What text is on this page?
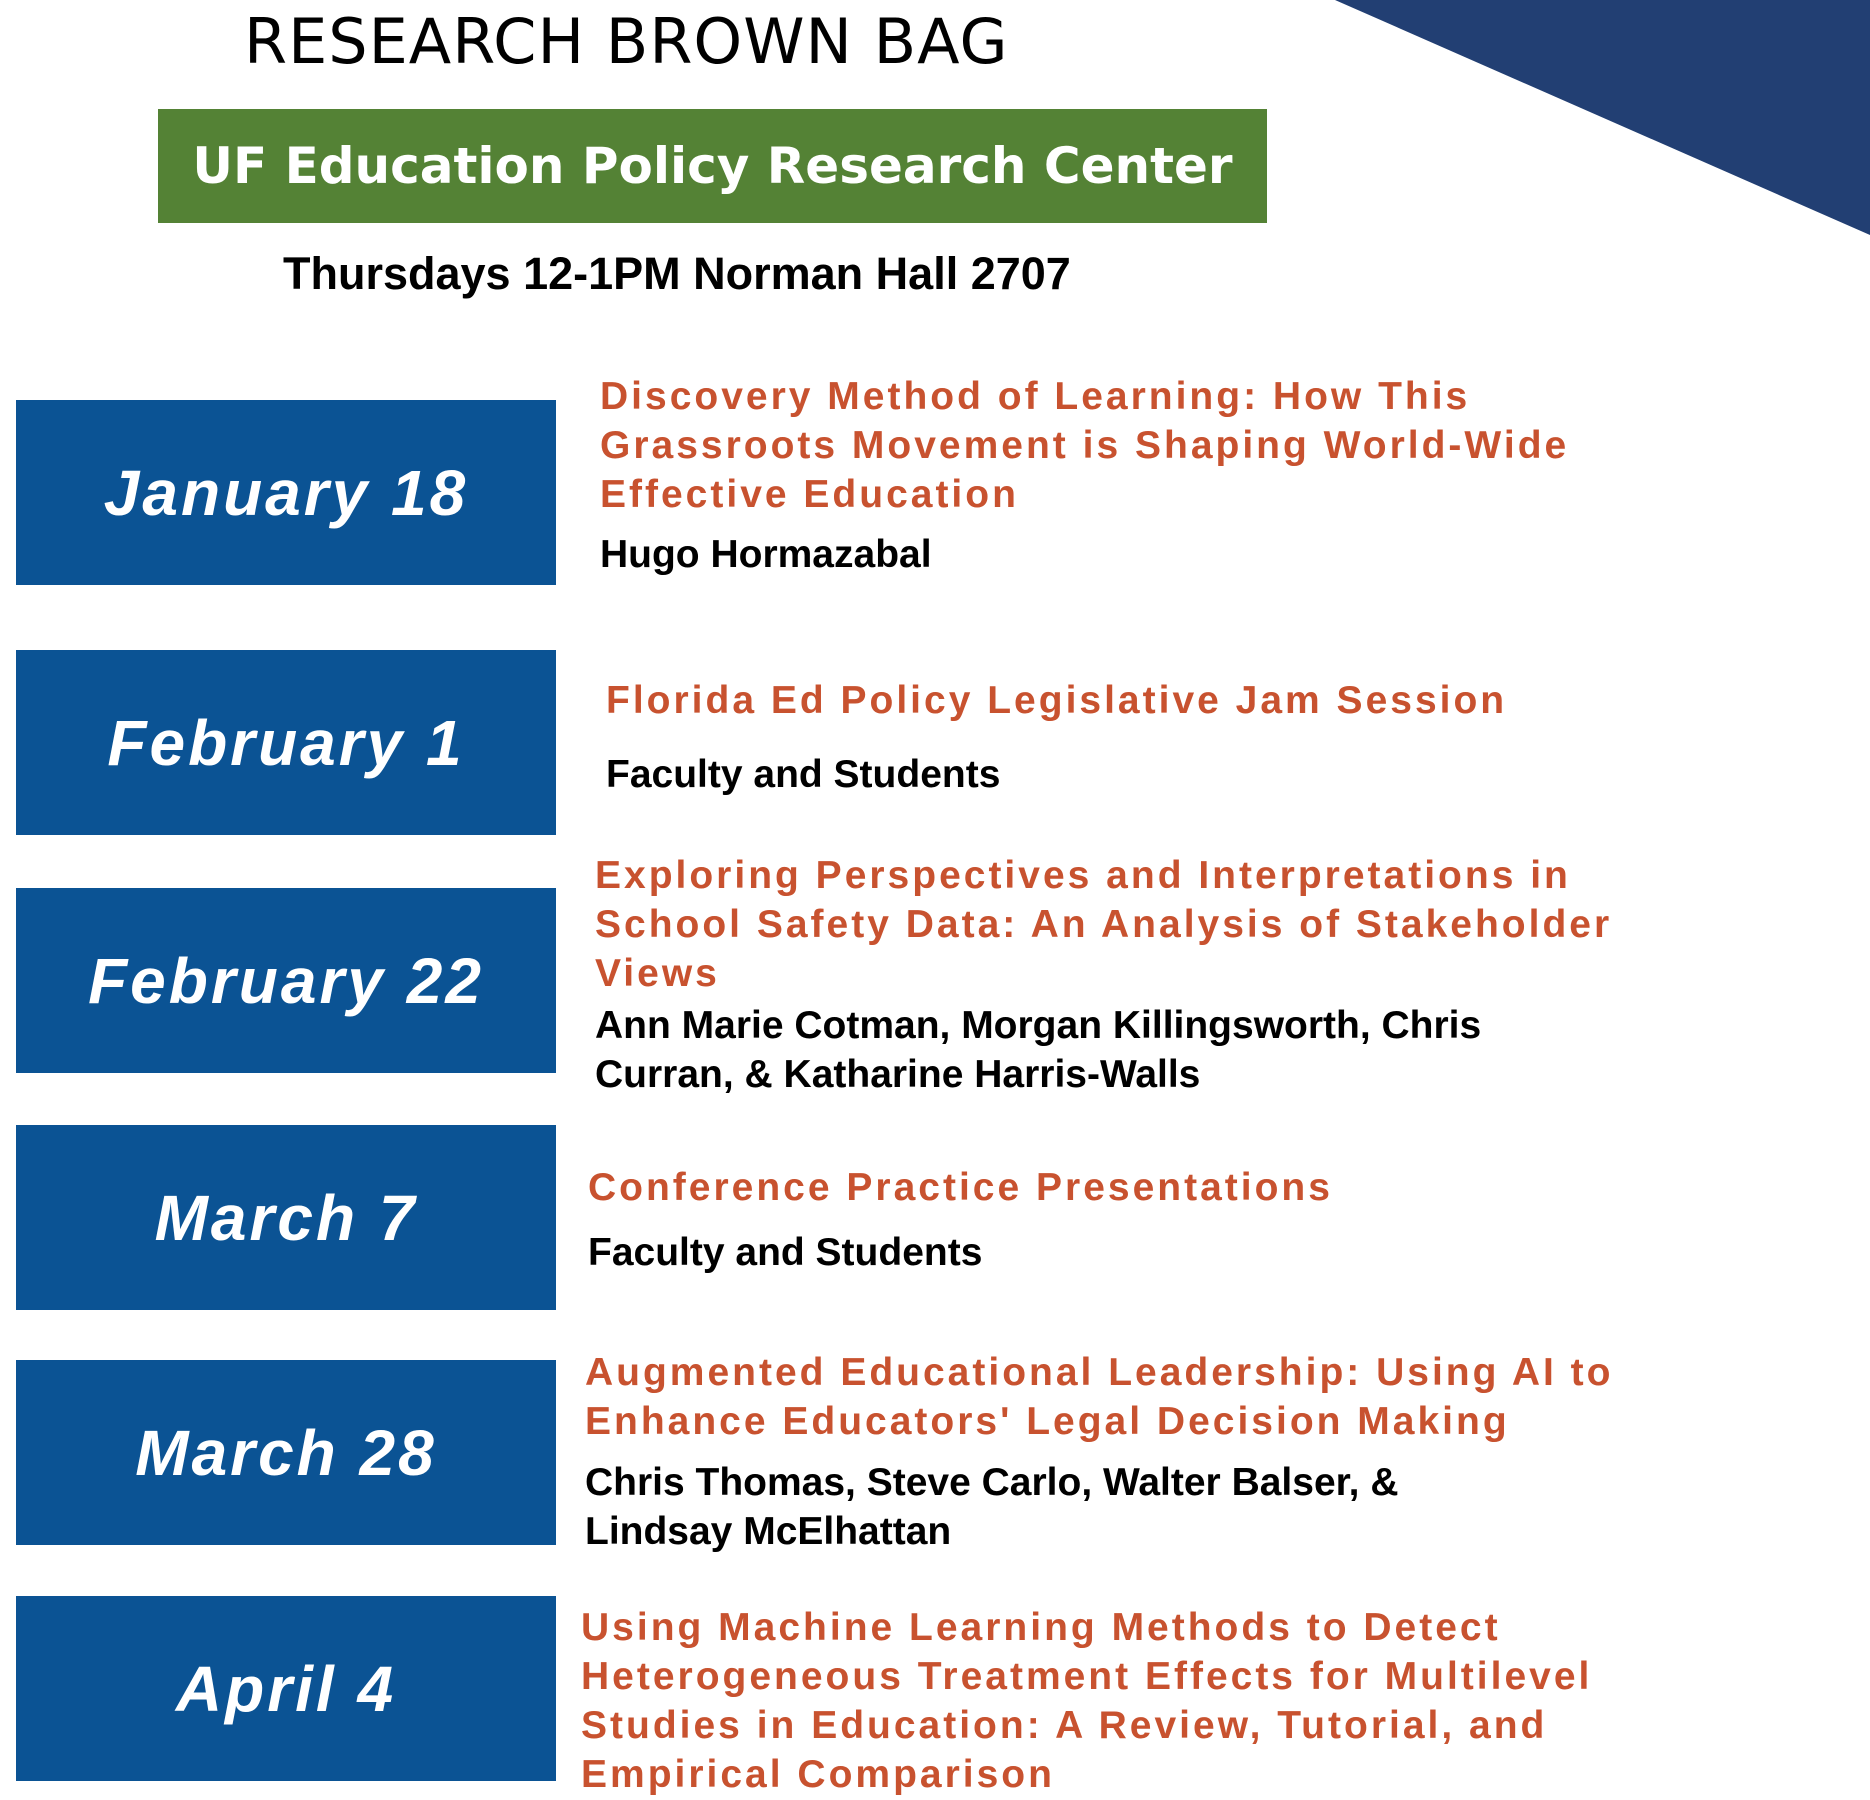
RESEARCH BROWN BAG
UF Education Policy Research Center
Thursdays 12-1PM Norman Hall 2707
January 18
Discovery Method of Learning: How This
Grassroots Movement is Shaping World-Wide
Effective Education
Hugo Hormazabal
February 1
Florida Ed Policy Legislative Jam Session
Faculty and Students
February 22
Exploring Perspectives and Interpretations in
School Safety Data: An Analysis of Stakeholder
Views
Ann Marie Cotman, Morgan Killingsworth, Chris
Curran, & Katharine Harris-Walls
March 7	Conference Practice Presentations
Faculty and Students
March 28
Augmented Educational Leadership: Using AI to
Enhance Educators' Legal Decision Making
Chris Thomas, Steve Carlo, Walter Balser, &
Lindsay McElhattan
April 4
Using Machine Learning Methods to Detect
Heterogeneous Treatment Effects for Multilevel
Studies in Education: A Review, Tutorial, and
Empirical Comparison
